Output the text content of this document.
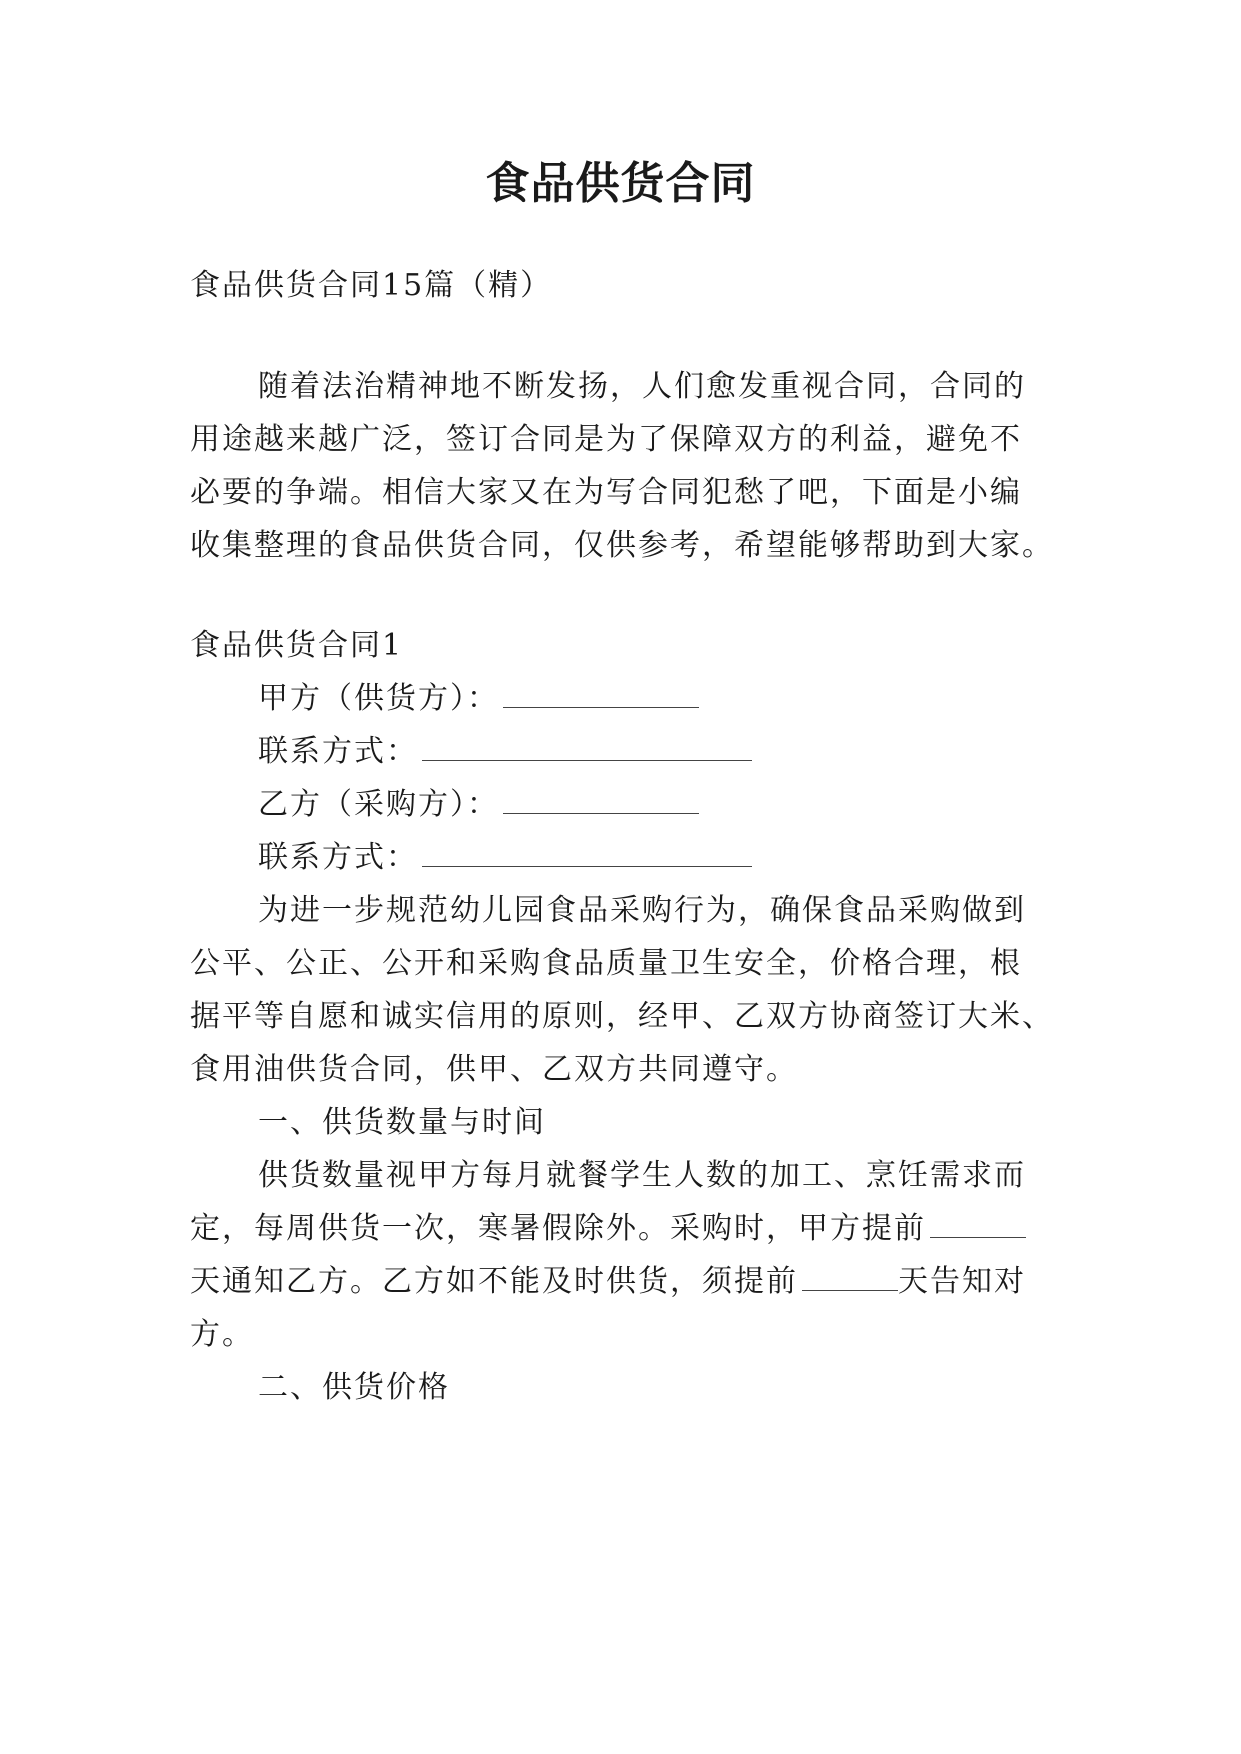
食品供货合同

食品供货合同15篇（精）

随着法治精神地不断发扬，人们愈发重视合同，合同的

用途越来越广泛，签订合同是为了保障双方的利益，避免不

必要的争端。相信大家又在为写合同犯愁了吧，下面是小编

收集整理的食品供货合同，仅供参考，希望能够帮助到大家。

食品供货合同1

甲方（供货方）：

联系方式：

乙方（采购方）：

联系方式：

为进一步规范幼儿园食品采购行为，确保食品采购做到

公平、公正、公开和采购食品质量卫生安全，价格合理，根

据平等自愿和诚实信用的原则，经甲、乙双方协商签订大米、

食用油供货合同，供甲、乙双方共同遵守。

一、供货数量与时间

供货数量视甲方每月就餐学生人数的加工、烹饪需求而

定，每周供货一次，寒暑假除外。采购时，甲方提前

天通知乙方。乙方如不能及时供货，须提前	天告知对

方。

二、供货价格
